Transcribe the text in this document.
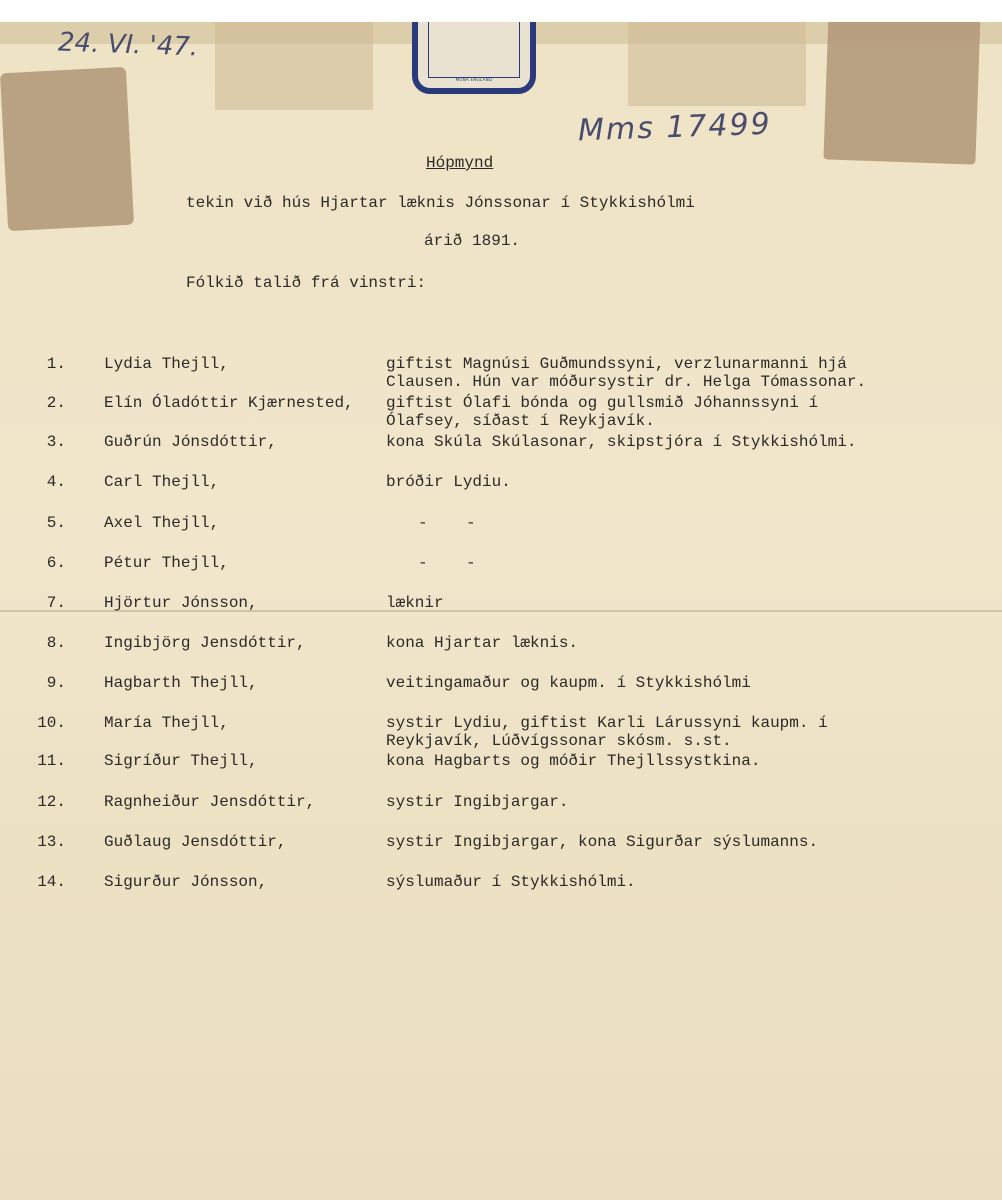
MUNA ENGLAND
24. VI. '47.
Mms 17499
Hópmynd
tekin við hús Hjartar læknis Jónssonar í Stykkishólmi
árið 1891.
Fólkið talið frá vinstri:
1. Lydia Thejll,	giftist Magnúsi Guðmundssyni, verzlunarmanni hjá
Clausen. Hún var móðursystir dr. Helga Tómassonar.
2. Elín Óladóttir Kjærnested, giftist Ólafi bónda og gullsmið Jóhannssyni í
Ólafsey, síðast í Reykjavík.
3. Guðrún Jónsdóttir,	kona Skúla Skúlasonar, skipstjóra í Stykkishólmi.
4. Carl Thejll,	bróðir Lydiu.
5. Axel Thejll,	-    -
6. Pétur Thejll,	-    -
7. Hjörtur Jónsson,	læknir
8. Ingibjörg Jensdóttir,	kona Hjartar læknis.
9. Hagbarth Thejll,	veitingamaður og kaupm. í Stykkishólmi
10. María Thejll,	systir Lydiu, giftist Karli Lárussyni kaupm. í
Reykjavík, Lúðvígssonar skósm. s.st.
11. Sigríður Thejll,	kona Hagbarts og móðir Thejllssystkina.
12. Ragnheiður Jensdóttir,	systir Ingibjargar.
13. Guðlaug Jensdóttir,	systir Ingibjargar, kona Sigurðar sýslumanns.
14. Sigurður Jónsson,	sýslumaður í Stykkishólmi.
